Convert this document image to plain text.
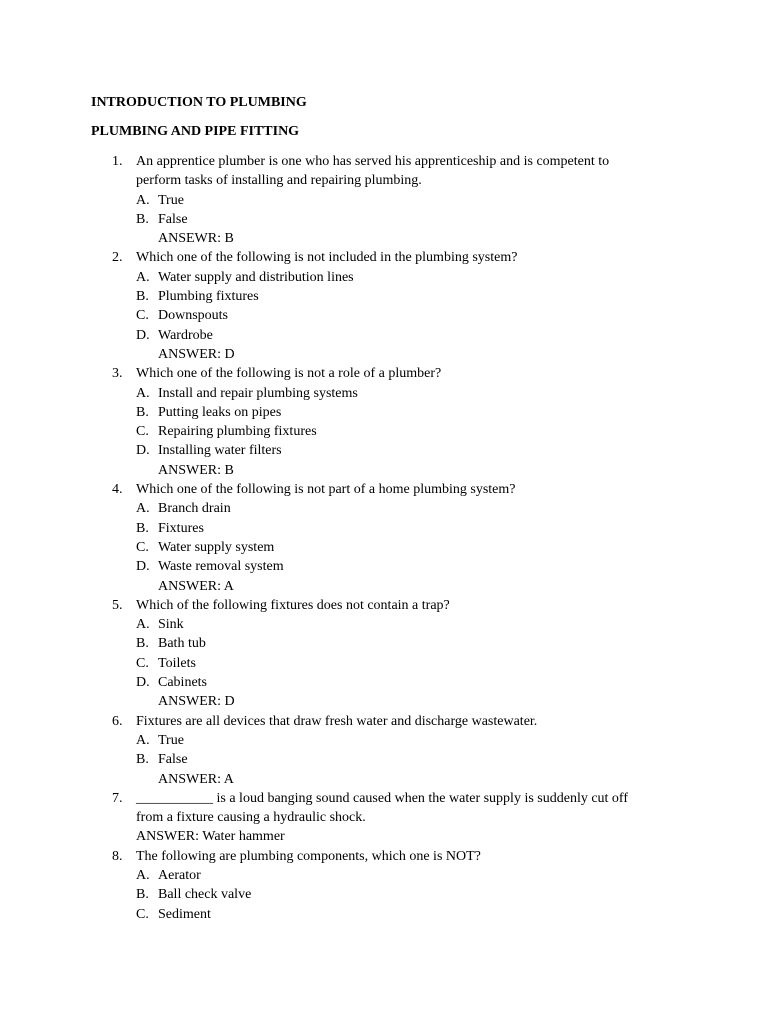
INTRODUCTION TO PLUMBING
PLUMBING AND PIPE FITTING
1. An apprentice plumber is one who has served his apprenticeship and is competent to
perform tasks of installing and repairing plumbing.
A. True
B. False
ANSEWR: B
2. Which one of the following is not included in the plumbing system?
A. Water supply and distribution lines
B. Plumbing fixtures
C. Downspouts
D. Wardrobe
ANSWER: D
3. Which one of the following is not a role of a plumber?
A. Install and repair plumbing systems
B. Putting leaks on pipes
C. Repairing plumbing fixtures
D. Installing water filters
ANSWER: B
4. Which one of the following is not part of a home plumbing system?
A. Branch drain
B. Fixtures
C. Water supply system
D. Waste removal system
ANSWER: A
5. Which of the following fixtures does not contain a trap?
A. Sink
B. Bath tub
C. Toilets
D. Cabinets
ANSWER: D
6. Fixtures are all devices that draw fresh water and discharge wastewater.
A. True
B. False
ANSWER: A
7. ___________ is a loud banging sound caused when the water supply is suddenly cut off
from a fixture causing a hydraulic shock.
ANSWER: Water hammer
8. The following are plumbing components, which one is NOT?
A. Aerator
B. Ball check valve
C. Sediment
